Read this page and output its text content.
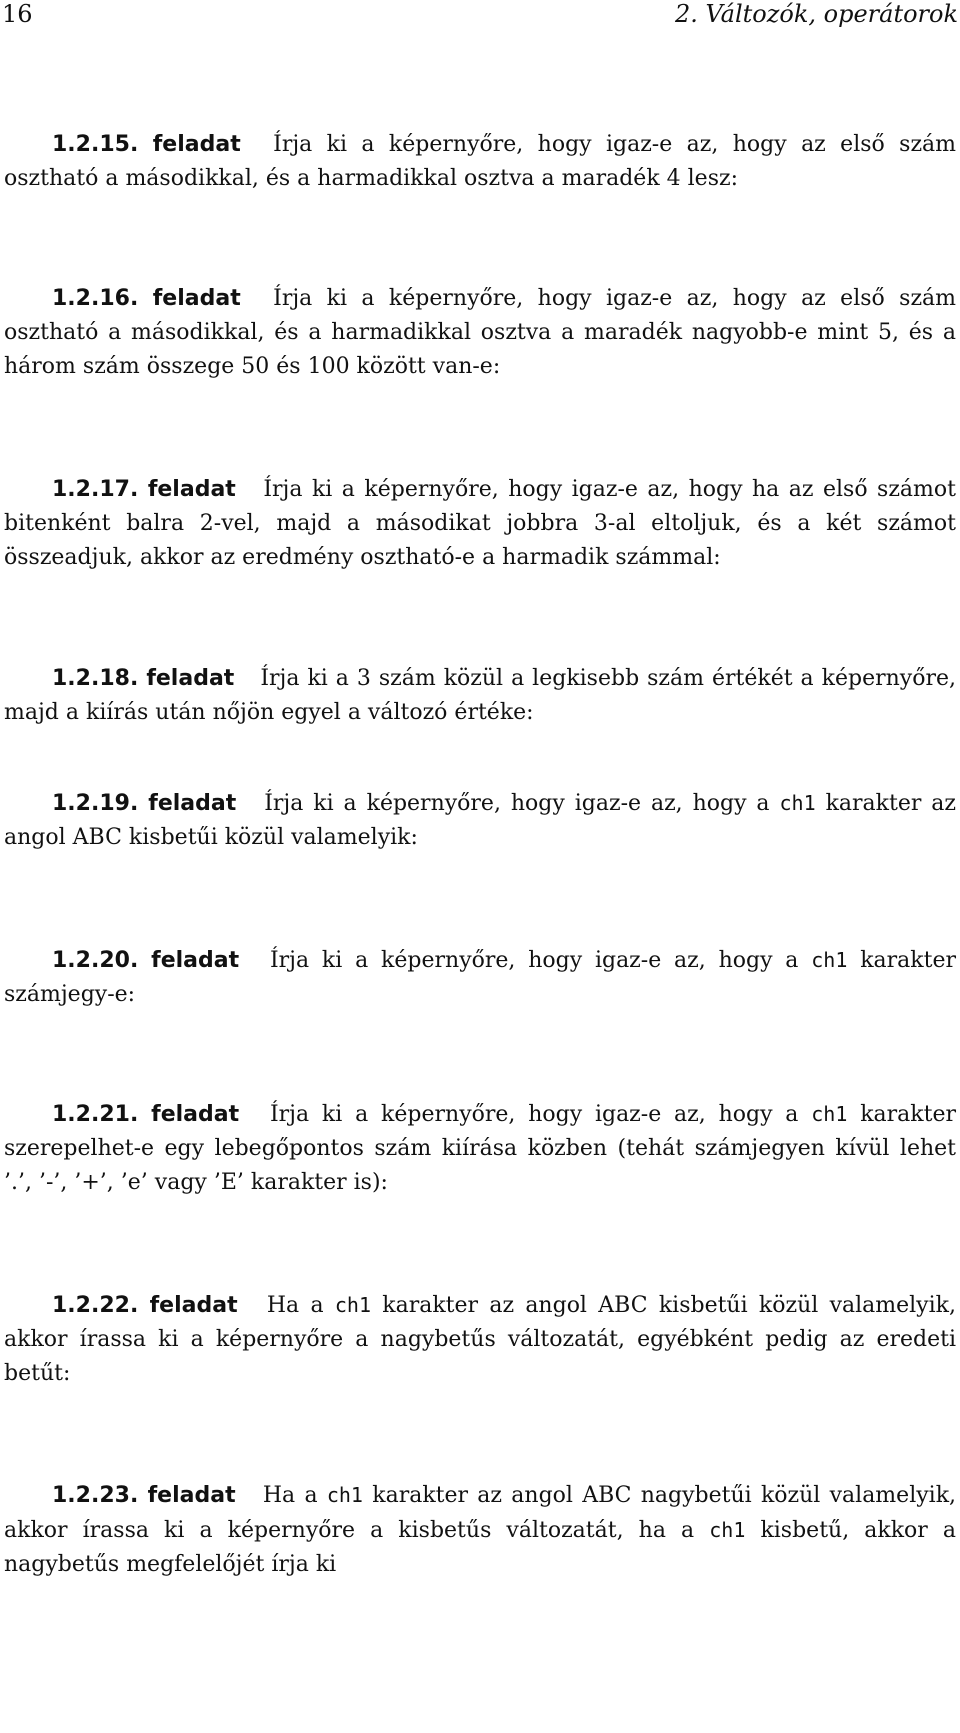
16	2. Változók, operátorok
1.2.15. feladat Írja ki a képernyőre, hogy igaz-e az, hogy az első szám osztható a másodikkal, és a harmadikkal osztva a maradék 4 lesz:
1.2.16. feladat Írja ki a képernyőre, hogy igaz-e az, hogy az első szám osztható a másodikkal, és a harmadikkal osztva a maradék nagyobb-e mint 5, és a három szám összege 50 és 100 között van-e:
1.2.17. feladat Írja ki a képernyőre, hogy igaz-e az, hogy ha az első számot bitenként balra 2-vel, majd a másodikat jobbra 3-al eltoljuk, és a két számot összeadjuk, akkor az eredmény osztható-e a harmadik számmal:
1.2.18. feladat Írja ki a 3 szám közül a legkisebb szám értékét a képernyőre, majd a kiírás után nőjön egyel a változó értéke:
1.2.19. feladat Írja ki a képernyőre, hogy igaz-e az, hogy a ch1 karakter az angol ABC kisbetűi közül valamelyik:
1.2.20. feladat Írja ki a képernyőre, hogy igaz-e az, hogy a ch1 karakter számjegy-e:
1.2.21. feladat Írja ki a képernyőre, hogy igaz-e az, hogy a ch1 karakter szerepelhet-e egy lebegőpontos szám kiírása közben (tehát számjegyen kívül lehet ’.’, ’-’, ’+’, ’e’ vagy ’E’ karakter is):
1.2.22. feladat Ha a ch1 karakter az angol ABC kisbetűi közül valamelyik, akkor írassa ki a képernyőre a nagybetűs változatát, egyébként pedig az eredeti betűt:
1.2.23. feladat Ha a ch1 karakter az angol ABC nagybetűi közül valamelyik, akkor írassa ki a képernyőre a kisbetűs változatát, ha a ch1 kisbetű, akkor a nagybetűs megfelelőjét írja ki
